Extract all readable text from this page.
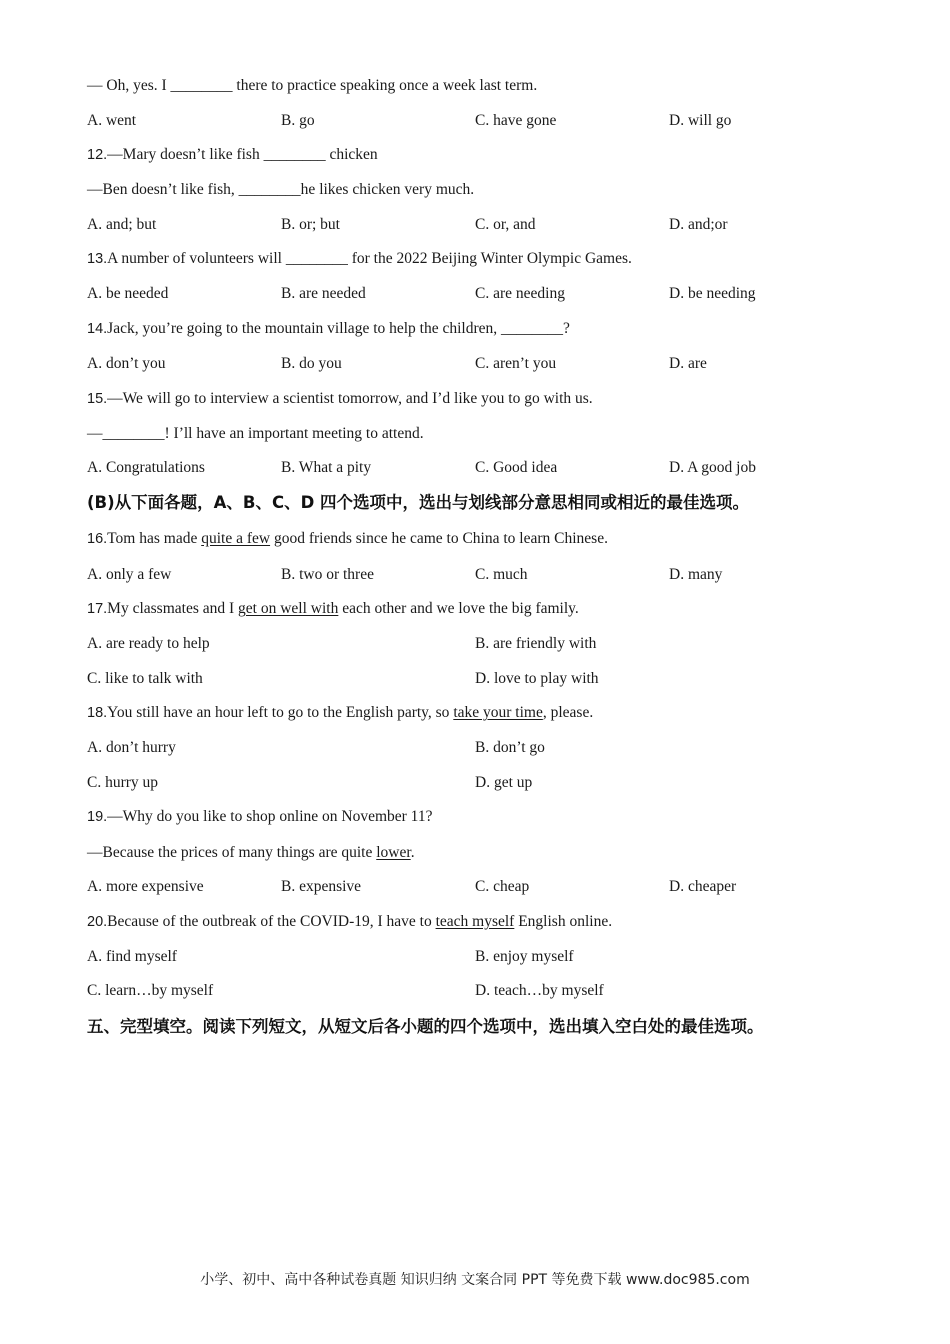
— Oh, yes. I ________ there to practice speaking once a week last term.
A. went	B. go	C. have gone	D. will go
12.—Mary doesn’t like fish ________ chicken
—Ben doesn’t like fish, ________he likes chicken very much.
A. and; but	B. or; but	C. or, and	D. and;or
13.A number of volunteers will ________ for the 2022 Beijing Winter Olympic Games.
A. be needed	B. are needed	C. are needing	D. be needing
14.Jack, you’re going to the mountain village to help the children, ________?
A. don’t you	B. do you	C. aren’t you	D. are
15.—We will go to interview a scientist tomorrow, and I’d like you to go with us.
—________! I’ll have an important meeting to attend.
A. Congratulations	B. What a pity	C. Good idea	D. A good job
(B)从下面各题，A、B、C、D 四个选项中，选出与划线部分意思相同或相近的最佳选项。
16.Tom has made quite a few good friends since he came to China to learn Chinese.
A. only a few	B. two or three	C. much	D. many
17.My classmates and I get on well with each other and we love the big family.
A. are ready to help	B. are friendly with
C. like to talk with	D. love to play with
18.You still have an hour left to go to the English party, so take your time, please.
A. don’t hurry	B. don’t go
C. hurry up	D. get up
19.—Why do you like to shop online on November 11?
—Because the prices of many things are quite lower.
A. more expensive	B. expensive	C. cheap	D. cheaper
20.Because of the outbreak of the COVID-19, I have to teach myself English online.
A. find myself	B. enjoy myself
C. learn…by myself	D. teach…by myself
五、完型填空。阅读下列短文，从短文后各小题的四个选项中，选出填入空白处的最佳选项。
小学、初中、高中各种试卷真题 知识归纳 文案合同 PPT 等免费下载 www.doc985.com
